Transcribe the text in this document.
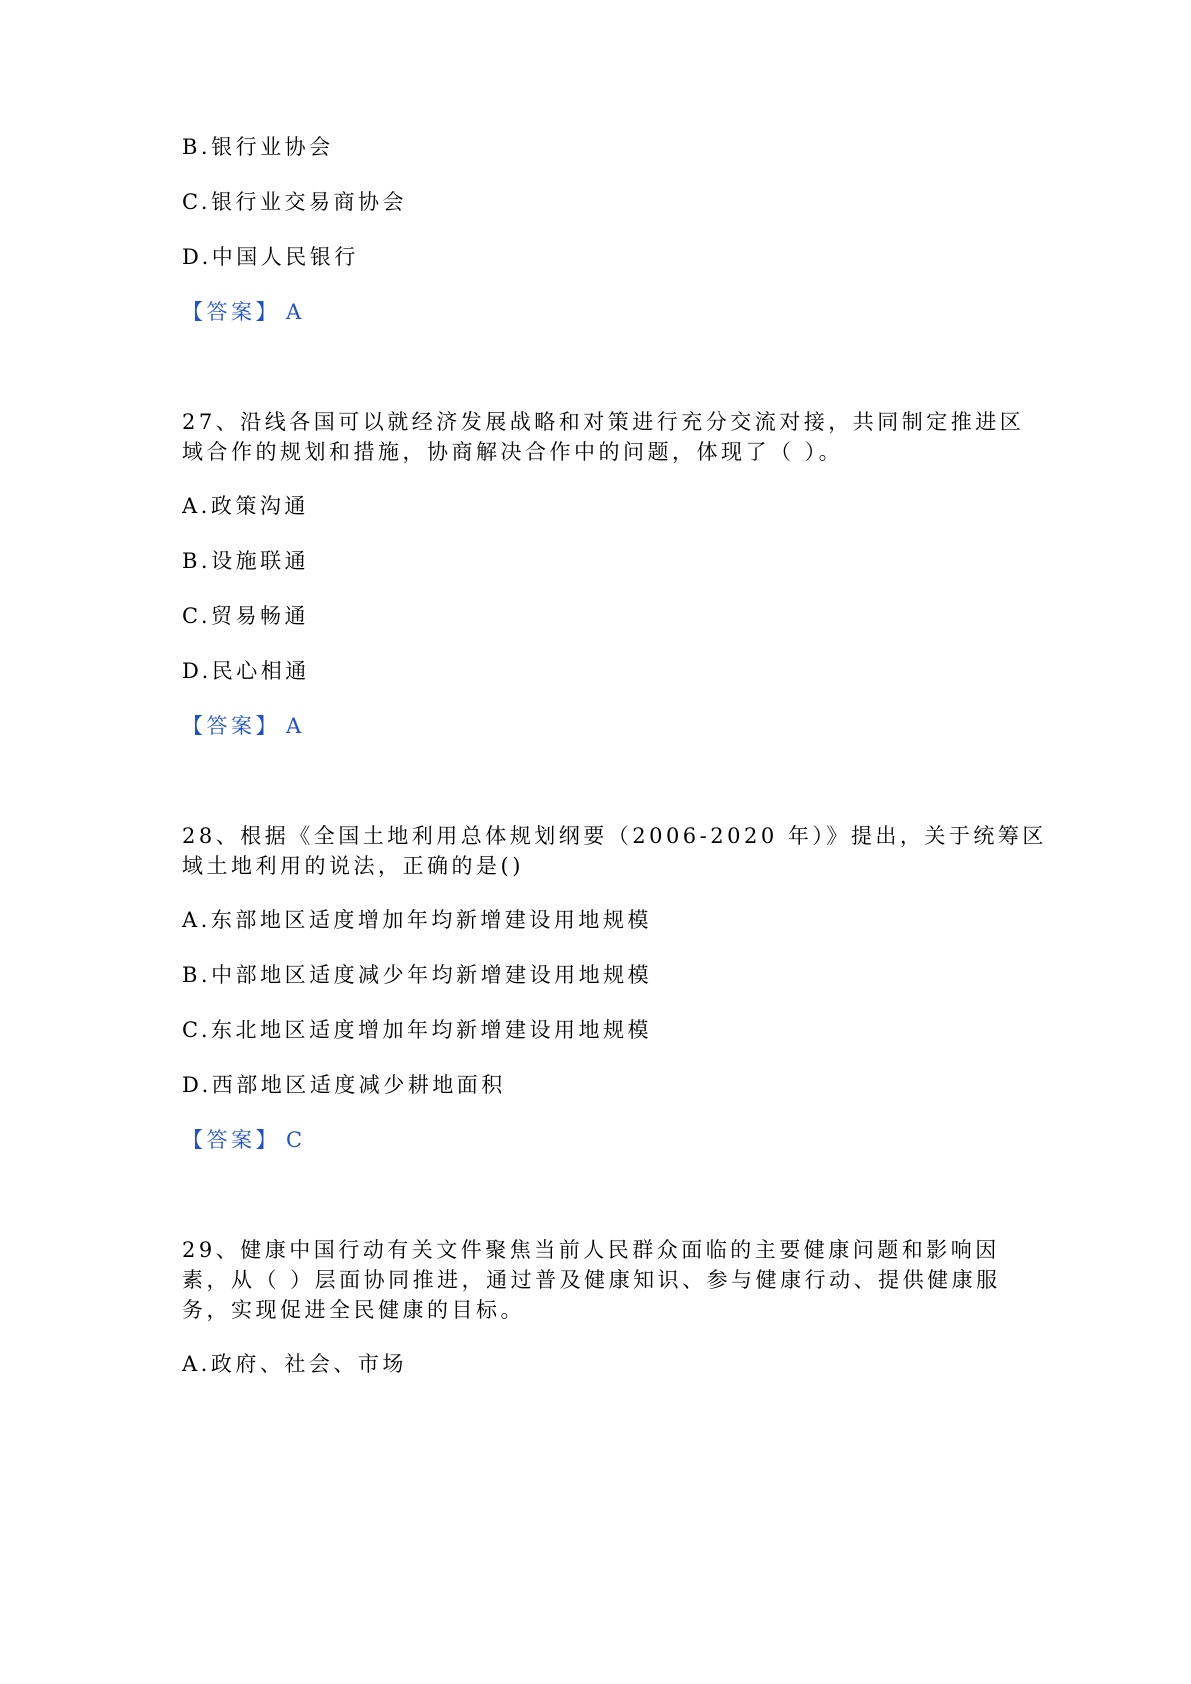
B.银行业协会
C.银行业交易商协会
D.中国人民银行
【答案】 A
27、沿线各国可以就经济发展战略和对策进行充分交流对接，共同制定推进区
域合作的规划和措施，协商解决合作中的问题，体现了（ ）。
A.政策沟通
B.设施联通
C.贸易畅通
D.民心相通
【答案】 A
28、根据《全国土地利用总体规划纲要（2006-2020 年）》提出，关于统筹区
域土地利用的说法，正确的是()
A.东部地区适度增加年均新增建设用地规模
B.中部地区适度减少年均新增建设用地规模
C.东北地区适度增加年均新增建设用地规模
D.西部地区适度减少耕地面积
【答案】 C
29、健康中国行动有关文件聚焦当前人民群众面临的主要健康问题和影响因
素，从（ ）层面协同推进，通过普及健康知识、参与健康行动、提供健康服
务，实现促进全民健康的目标。
A.政府、社会、市场
